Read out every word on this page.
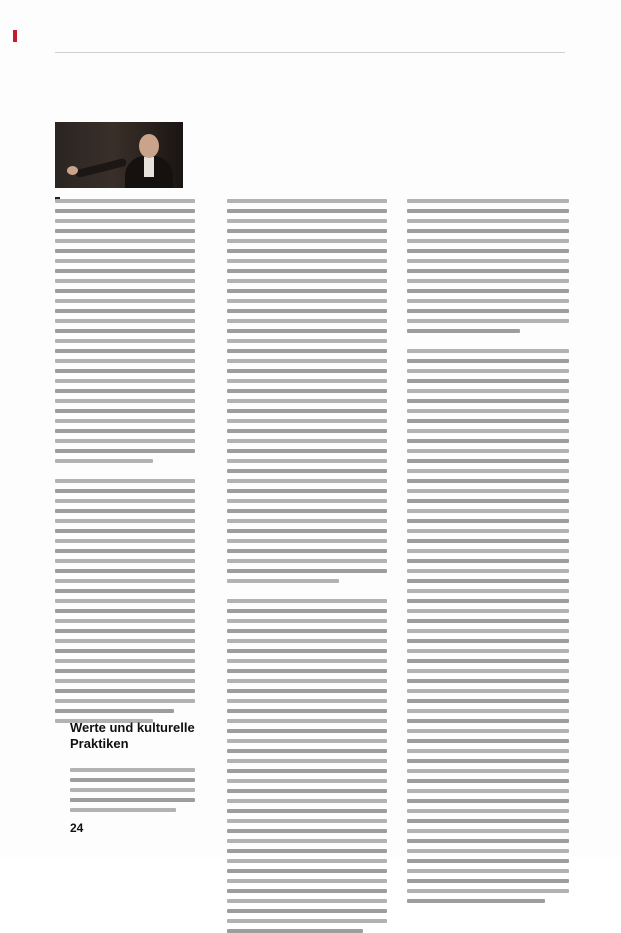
Werte und kulturelle Praktiken
24
